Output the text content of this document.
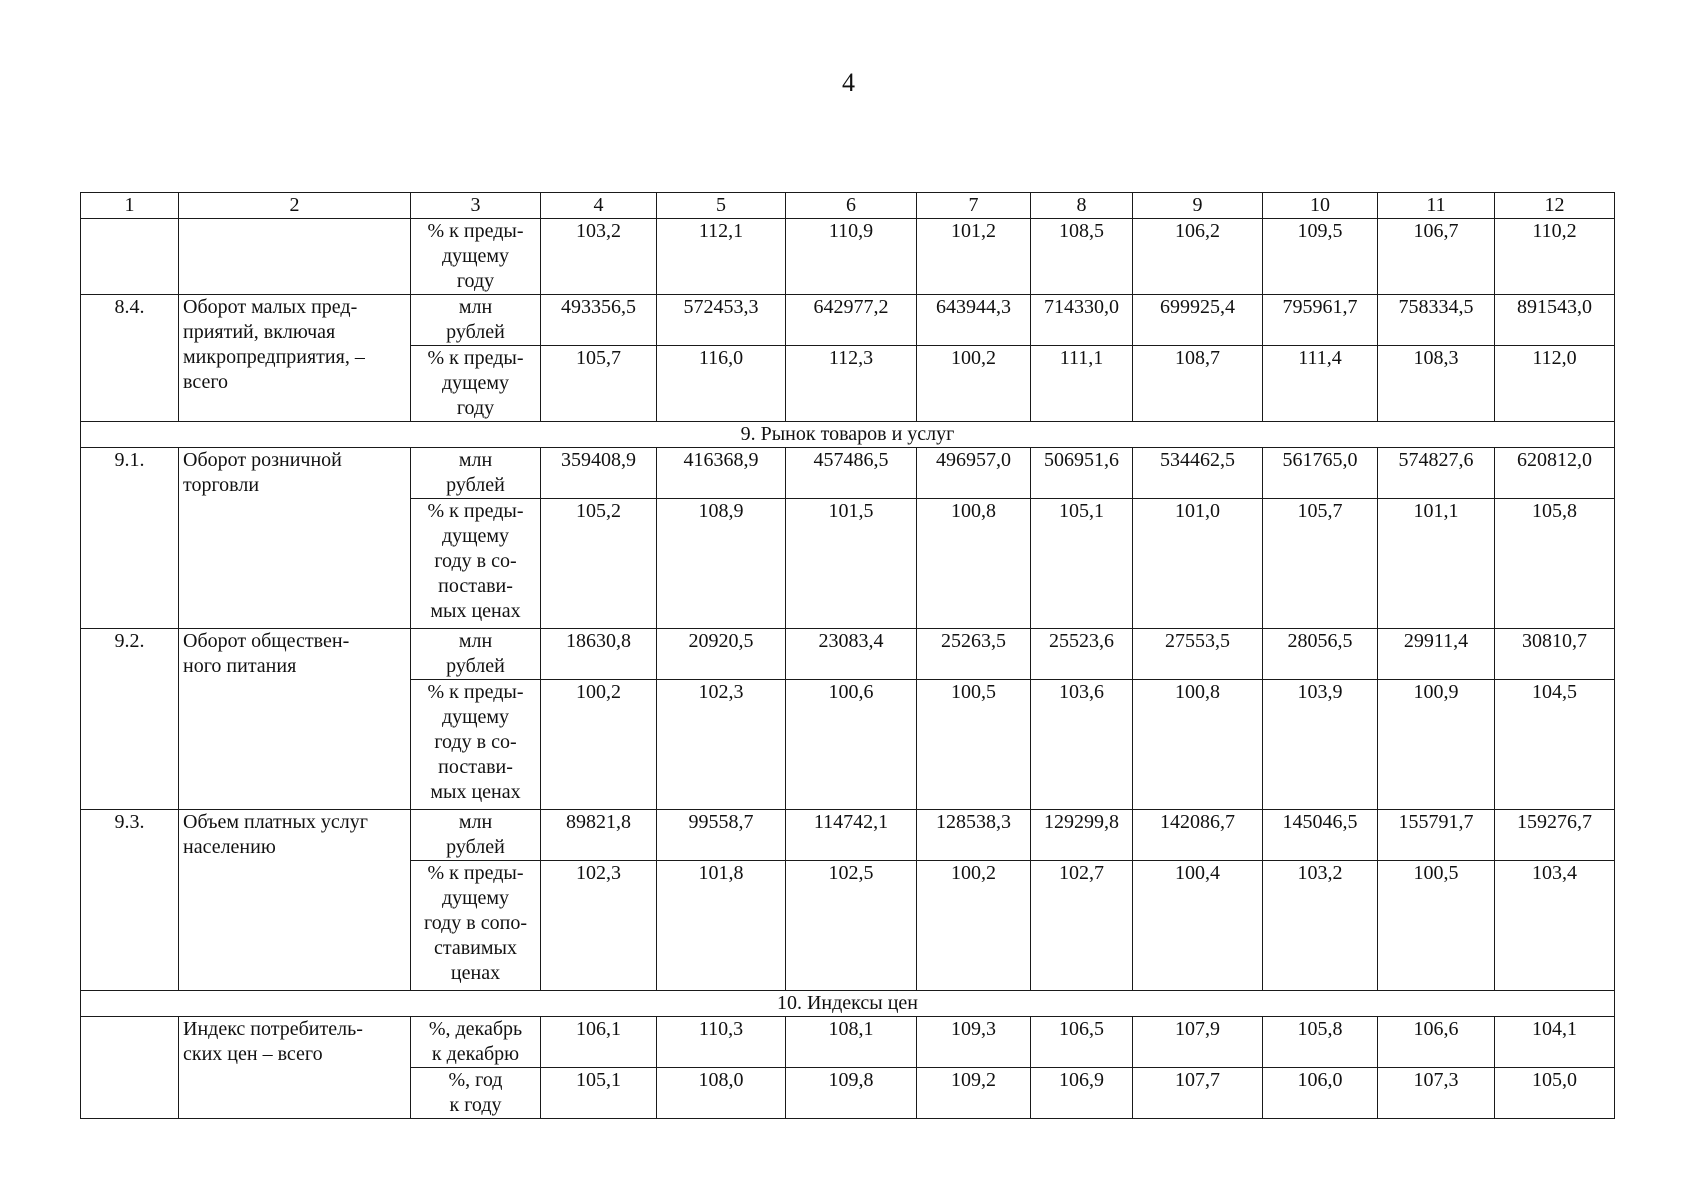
4
1	2	3	4	5	6	7	8	9	10	11	12

		% к преды-
дущему
году	103,2	112,1	110,9	101,2	108,5	106,2	109,5	106,7	110,2
8.4.	Оборот малых пред-
приятий, включая
микропредприятия, –
всего	млн
рублей	493356,5	572453,3	642977,2	643944,3	714330,0	699925,4	795961,7	758334,5	891543,0

		% к преды-
дущему
году	105,7	116,0	112,3	100,2	111,1	108,7	111,4	108,3	112,0
9. Рынок товаров и услуг											
9.1.	Оборот розничной
торговли	млн
рублей	359408,9	416368,9	457486,5	496957,0	506951,6	534462,5	561765,0	574827,6	620812,0

		% к преды-
дущему
году в со-
постави-
мых ценах	105,2	108,9	101,5	100,8	105,1	101,0	105,7	101,1	105,8
9.2.	Оборот обществен-
ного питания	млн
рублей	18630,8	20920,5	23083,4	25263,5	25523,6	27553,5	28056,5	29911,4	30810,7

		% к преды-
дущему
году в со-
постави-
мых ценах	100,2	102,3	100,6	100,5	103,6	100,8	103,9	100,9	104,5
9.3.	Объем платных услуг
населению	млн
рублей	89821,8	99558,7	114742,1	128538,3	129299,8	142086,7	145046,5	155791,7	159276,7

		% к преды-
дущему
году в сопо-
ставимых
ценах	102,3	101,8	102,5	100,2	102,7	100,4	103,2	100,5	103,4
10. Индексы цен											

	Индекс потребитель-
ских цен – всего	%, декабрь
к декабрю	106,1	110,3	108,1	109,3	106,5	107,9	105,8	106,6	104,1

		%, год
к году	105,1	108,0	109,8	109,2	106,9	107,7	106,0	107,3	105,0
